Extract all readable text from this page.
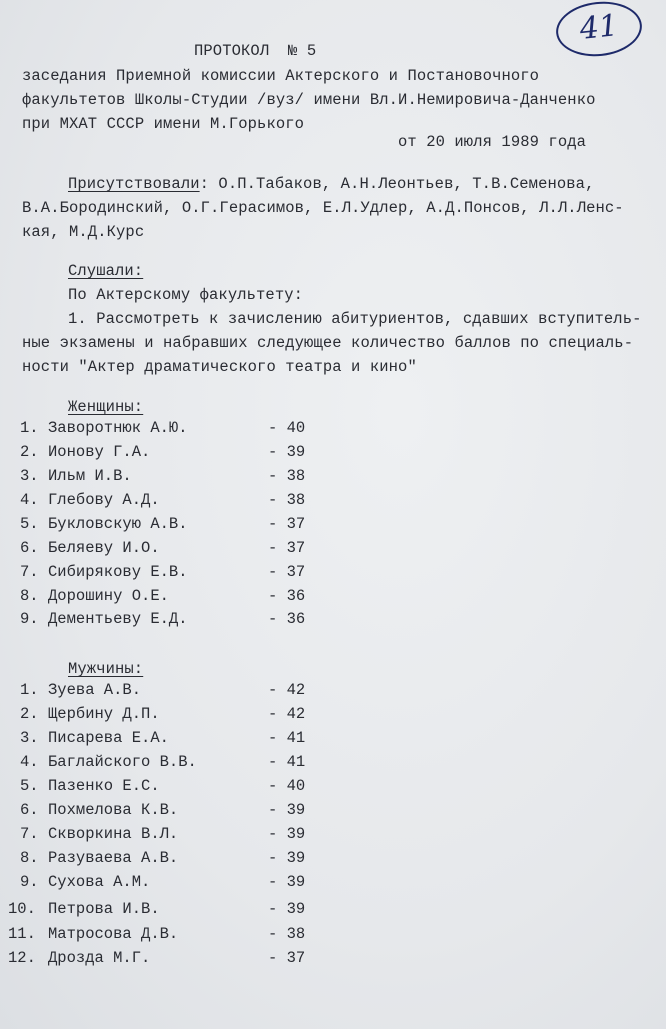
41
ПРОТОКОЛ  № 5
заседания Приемной комиссии Актерского и Постановочного
факультетов Школы-Студии /вуз/ имени Вл.И.Немировича-Данченко
при МХАТ СССР имени М.Горького
от 20 июля 1989 года
Присутствовали: О.П.Табаков, А.Н.Леонтьев, Т.В.Семенова,
В.А.Бородинский, О.Г.Герасимов, Е.Л.Удлер, А.Д.Понсов, Л.Л.Ленс-
кая, М.Д.Курс
Слушали:
По Актерскому факультету:
1. Рассмотреть к зачислению абитуриентов, сдавших вступитель-
ные экзамены и набравших следующее количество баллов по специаль-
ности "Актер драматического театра и кино"
Женщины:
1. Заворотнюк А.Ю.	- 40
2. Ионову Г.А.	- 39
3. Ильм И.В.	- 38
4. Глебову А.Д.	- 38
5. Букловскую А.В.	- 37
6. Беляеву И.О.	- 37
7. Сибирякову Е.В.	- 37
8. Дорошину О.Е.	- 36
9. Дементьеву Е.Д.	- 36
Мужчины:
1. Зуева А.В.	- 42
2. Щербину Д.П.	- 42
3. Писарева Е.А.	- 41
4. Баглайского В.В.	- 41
5. Пазенко Е.С.	- 40
6. Похмелова К.В.	- 39
7. Скворкина В.Л.	- 39
8. Разуваева А.В.	- 39
9. Сухова А.М.	- 39
10. Петрова И.В.	- 39
11. Матросова Д.В.	- 38
12. Дрозда М.Г.	- 37
